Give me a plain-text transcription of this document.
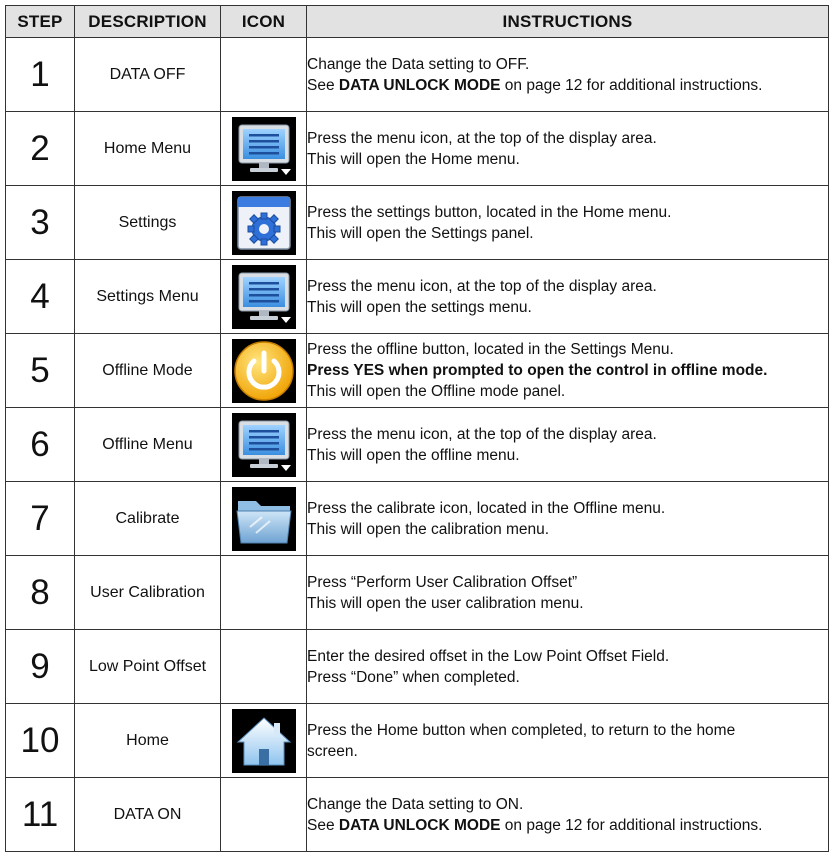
STEP	DESCRIPTION	ICON	INSTRUCTIONS
1	DATA OFF		Change the Data setting to OFF.
See DATA UNLOCK MODE on page 12 for additional instructions.

2	Home Menu		Press the menu icon, at the top of the display area.
This will open the Home menu.

3	Settings		Press the settings button, located in the Home menu.
This will open the Settings panel.

4	Settings Menu		Press the menu icon, at the top of the display area.
This will open the settings menu.

5	Offline Mode		Press the offline button, located in the Settings Menu.
Press YES when prompted to open the control in offline mode.
This will open the Offline mode panel.

6	Offline Menu		Press the menu icon, at the top of the display area.
This will open the offline menu.

7	Calibrate		Press the calibrate icon, located in the Offline menu.
This will open the calibration menu.

8	User Calibration		Press “Perform User Calibration Offset”
This will open the user calibration menu.

9	Low Point Offset		Enter the desired offset in the Low Point Offset Field.
Press “Done” when completed.

10	Home		Press the Home button when completed, to return to the home
screen.

11	DATA ON		Change the Data setting to ON.
See DATA UNLOCK MODE on page 12 for additional instructions.
